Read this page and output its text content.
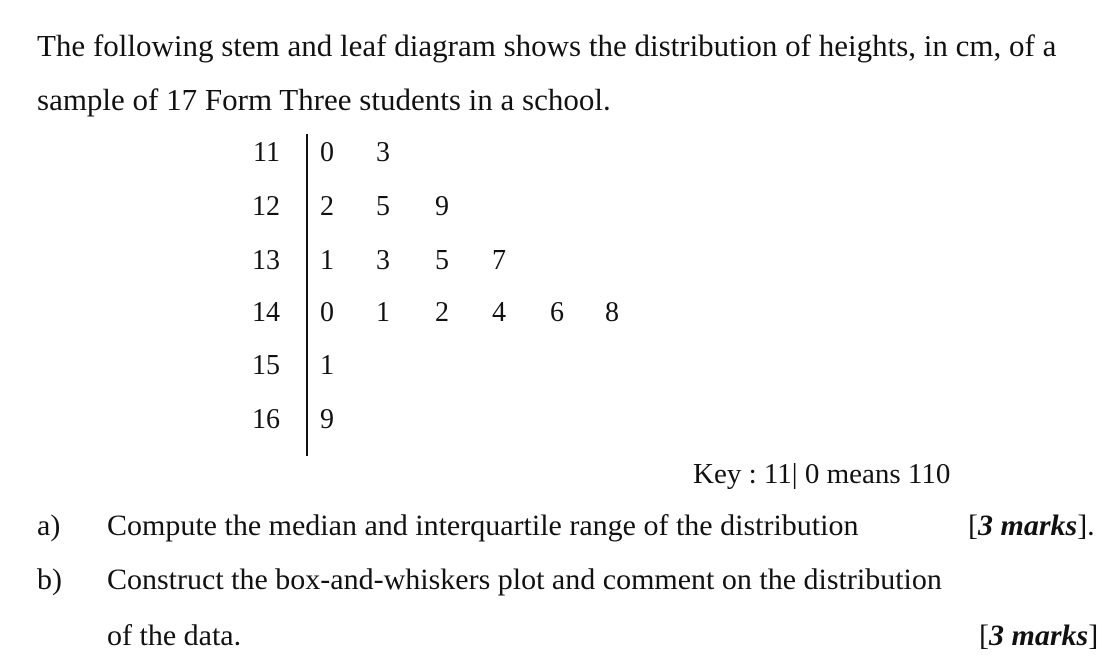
The following stem and leaf diagram shows the distribution of heights, in cm, of a
sample of 17 Form Three students in a school.
11 0 3
12 2 5 9
13 1 3 5 7
14 0 1 2 4 6 8
15 1
16 9
Key : 11| 0 means 110
a) Compute the median and interquartile range of the distribution	[3 marks].
b) Construct the box-and-whiskers plot and comment on the distribution
of the data.	[3 marks]
